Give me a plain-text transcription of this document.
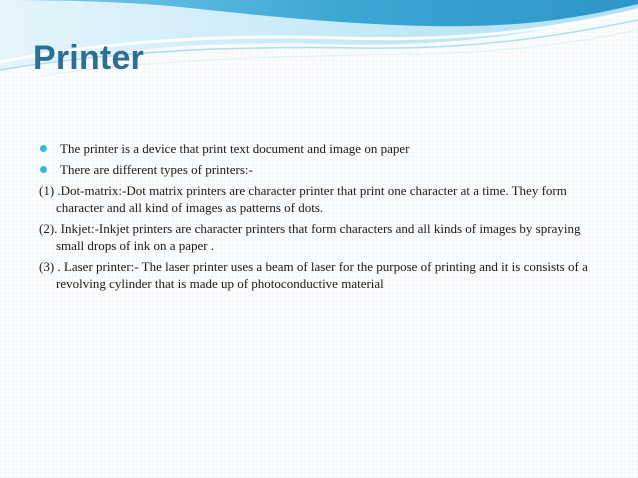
Printer
The printer is a device that print text document and image on paper
There are different types of printers:-
(1) .Dot-matrix:-Dot matrix printers are character printer that print one character at a time. They form character and all kind of images as patterns of dots.
(2). Inkjet:-Inkjet printers are character printers that form characters and all kinds of images by spraying small drops of ink on a paper .
(3) . Laser printer:- The laser printer uses a beam of laser for the purpose of printing and it is consists of a revolving cylinder that is made up of photoconductive material
